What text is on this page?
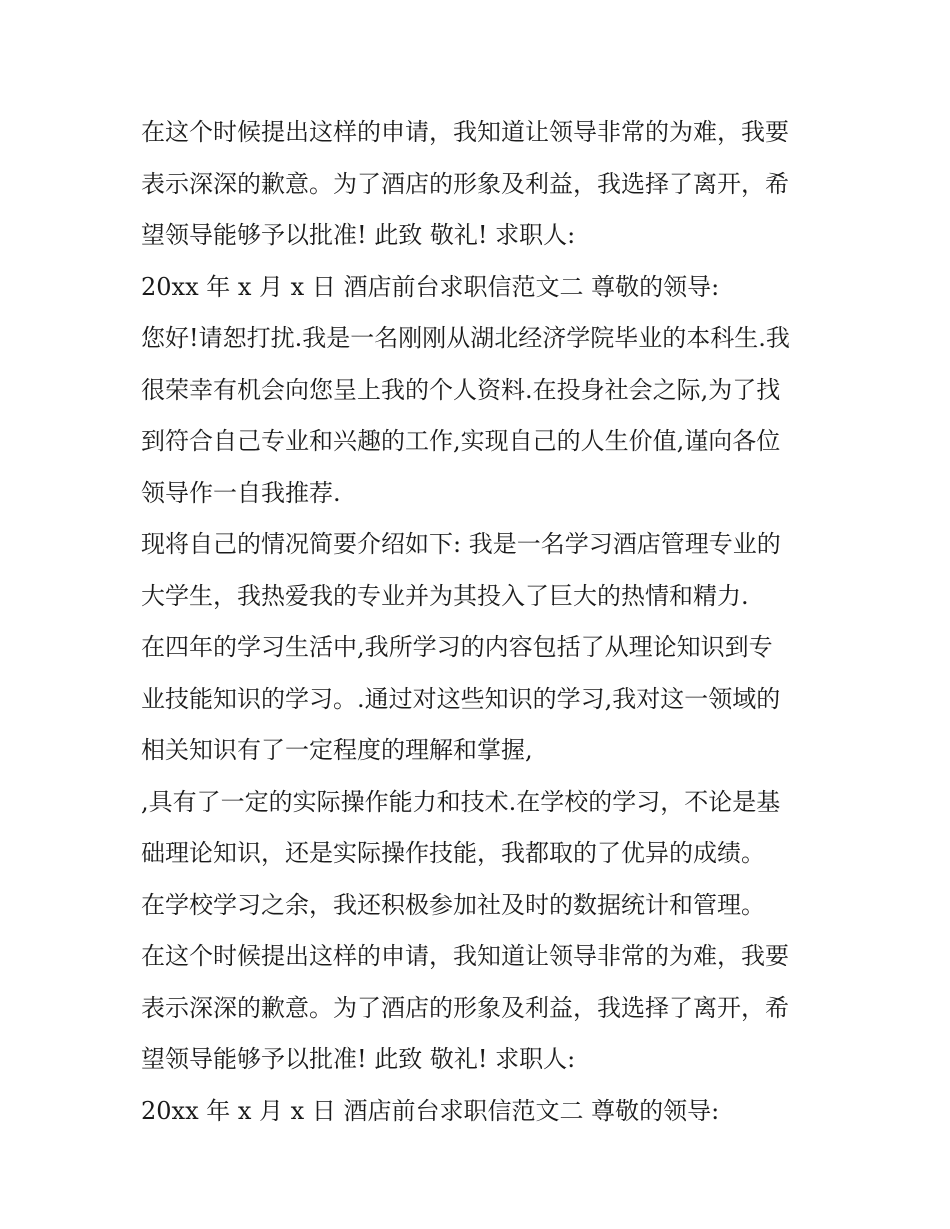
在这个时候提出这样的申请，我知道让领导非常的为难，我要
表示深深的歉意。为了酒店的形象及利益，我选择了离开，希
望领导能够予以批准! 此致 敬礼! 求职人:
20xx 年 x 月 x 日 酒店前台求职信范文二 尊敬的领导:
您好!请恕打扰.我是一名刚刚从湖北经济学院毕业的本科生.我
很荣幸有机会向您呈上我的个人资料.在投身社会之际,为了找
到符合自己专业和兴趣的工作,实现自己的人生价值,谨向各位
领导作一自我推荐.
现将自己的情况简要介绍如下: 我是一名学习酒店管理专业的
大学生，我热爱我的专业并为其投入了巨大的热情和精力.
在四年的学习生活中,我所学习的内容包括了从理论知识到专
业技能知识的学习。.通过对这些知识的学习,我对这一领域的
相关知识有了一定程度的理解和掌握,
,具有了一定的实际操作能力和技术.在学校的学习，不论是基
础理论知识，还是实际操作技能，我都取的了优异的成绩。
在学校学习之余，我还积极参加社及时的数据统计和管理。
在这个时候提出这样的申请，我知道让领导非常的为难，我要
表示深深的歉意。为了酒店的形象及利益，我选择了离开，希
望领导能够予以批准! 此致 敬礼! 求职人:
20xx 年 x 月 x 日 酒店前台求职信范文二 尊敬的领导:
